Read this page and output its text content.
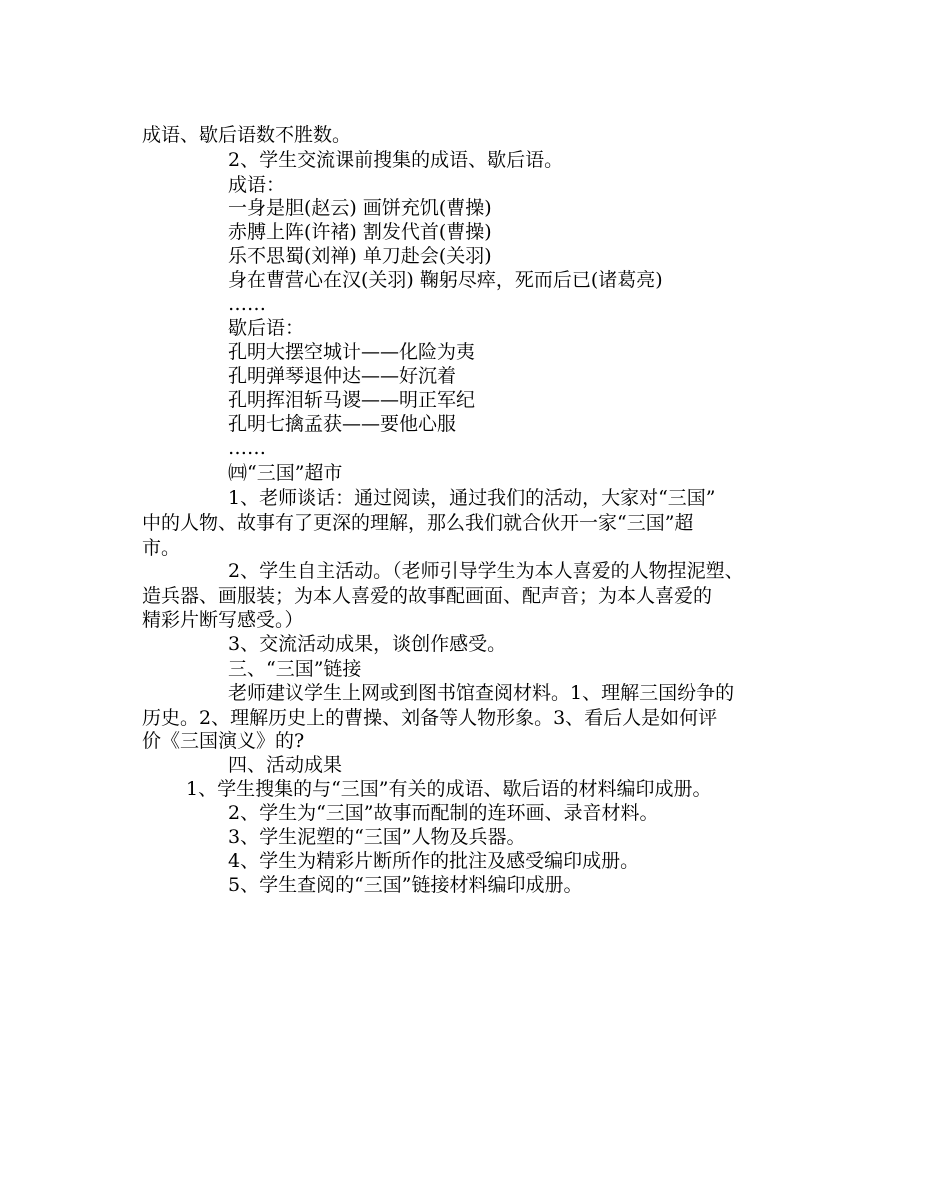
成语、歇后语数不胜数。
2、学生交流课前搜集的成语、歇后语。
成语：
一身是胆(赵云) 画饼充饥(曹操)
赤膊上阵(许褚) 割发代首(曹操)
乐不思蜀(刘禅) 单刀赴会(关羽)
身在曹营心在汉(关羽) 鞠躬尽瘁，死而后已(诸葛亮)
……
歇后语：
孔明大摆空城计——化险为夷
孔明弹琴退仲达——好沉着
孔明挥泪斩马谡——明正军纪
孔明七擒孟获——要他心服
……
㈣“三国”超市
1、老师谈话：通过阅读，通过我们的活动，大家对“三国”
中的人物、故事有了更深的理解，那么我们就合伙开一家“三国”超
市。
2、学生自主活动。（老师引导学生为本人喜爱的人物捏泥塑、
造兵器、画服装；为本人喜爱的故事配画面、配声音；为本人喜爱的
精彩片断写感受。）
3、交流活动成果，谈创作感受。
三、“三国”链接
老师建议学生上网或到图书馆查阅材料。1、理解三国纷争的
历史。2、理解历史上的曹操、刘备等人物形象。3、看后人是如何评
价《三国演义》的?
四、活动成果
1、学生搜集的与“三国”有关的成语、歇后语的材料编印成册。
2、学生为“三国”故事而配制的连环画、录音材料。
3、学生泥塑的“三国”人物及兵器。
4、学生为精彩片断所作的批注及感受编印成册。
5、学生查阅的“三国”链接材料编印成册。
